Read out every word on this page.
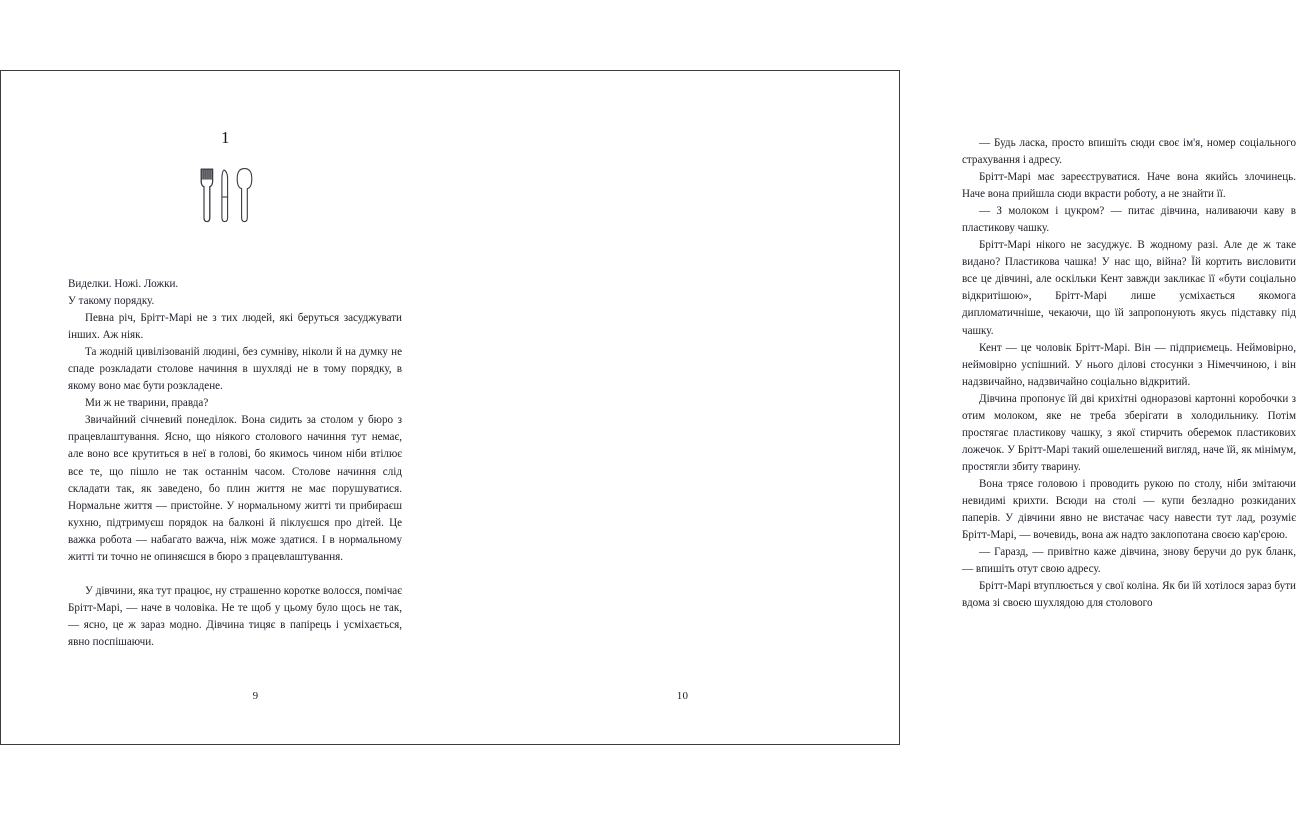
1

Виделки. Ножі. Ложки.

У такому порядку.

Певна річ, Брітт-Марі не з тих людей, які беруться засуджувати інших. Аж ніяк.

Та жодній цивілізованій людині, без сумніву, ніколи й на думку не спаде розкладати столове начиння в шухляді не в тому порядку, в якому воно має бути розкладене.

Ми ж не тварини, правда?

Звичайний січневий понеділок. Вона сидить за столом у бюро з працевлаштування. Ясно, що ніякого столового начиння тут немає, але воно все крутиться в неї в голові, бо якимось чином ніби втілює все те, що пішло не так останнім часом. Столове начиння слід складати так, як заведено, бо плин життя не має порушуватися. Нормальне життя — пристойне. У нормальному житті ти прибираєш кухню, підтримуєш порядок на балконі й піклуєшся про дітей. Це важка робота — набагато важча, ніж може здатися. І в нормальному житті ти точно не опиняєшся в бюро з працевлаштування.

У дівчини, яка тут працює, ну страшенно коротке волосся, помічає Брітт-Марі, — наче в чоловіка. Не те щоб у цьому було щось не так, — ясно, це ж зараз модно. Дівчина тицяє в папірець і усміхається, явно поспішаючи.

9

— Будь ласка, просто впишіть сюди своє ім'я, номер соціального страхування і адресу.

Брітт-Марі має зареєструватися. Наче вона якийсь злочинець. Наче вона прийшла сюди вкрасти роботу, а не знайти її.

— З молоком і цукром? — питає дівчина, наливаючи каву в пластикову чашку.

Брітт-Марі нікого не засуджує. В жодному разі. Але де ж таке видано? Пластикова чашка! У нас що, війна? Їй кортить висловити все це дівчині, але оскільки Кент завжди закликає її «бути соціально відкритішою», Брітт-Марі лише усміхається якомога дипломатичніше, чекаючи, що їй запропонують якусь підставку під чашку.

Кент — це чоловік Брітт-Марі. Він — підприємець. Неймовірно, неймовірно успішний. У нього ділові стосунки з Німеччиною, і він надзвичайно, надзвичайно соціально відкритий.

Дівчина пропонує їй дві крихітні одноразові картонні коробочки з отим молоком, яке не треба зберігати в холодильнику. Потім простягає пластикову чашку, з якої стирчить оберемок пластикових ложечок. У Брітт-Марі такий ошелешений вигляд, наче їй, як мінімум, простягли збиту тварину.

Вона трясе головою і проводить рукою по столу, ніби змітаючи невидимі крихти. Всюди на столі — купи безладно розкиданих паперів. У дівчини явно не вистачає часу навести тут лад, розуміє Брітт-Марі, — вочевидь, вона аж надто заклопотана своєю кар'єрою.

— Гаразд, — привітно каже дівчина, знову беручи до рук бланк, — впишіть отут свою адресу.

Брітт-Марі втуплюється у свої коліна. Як би їй хотілося зараз бути вдома зі своєю шухлядою для столового

10
